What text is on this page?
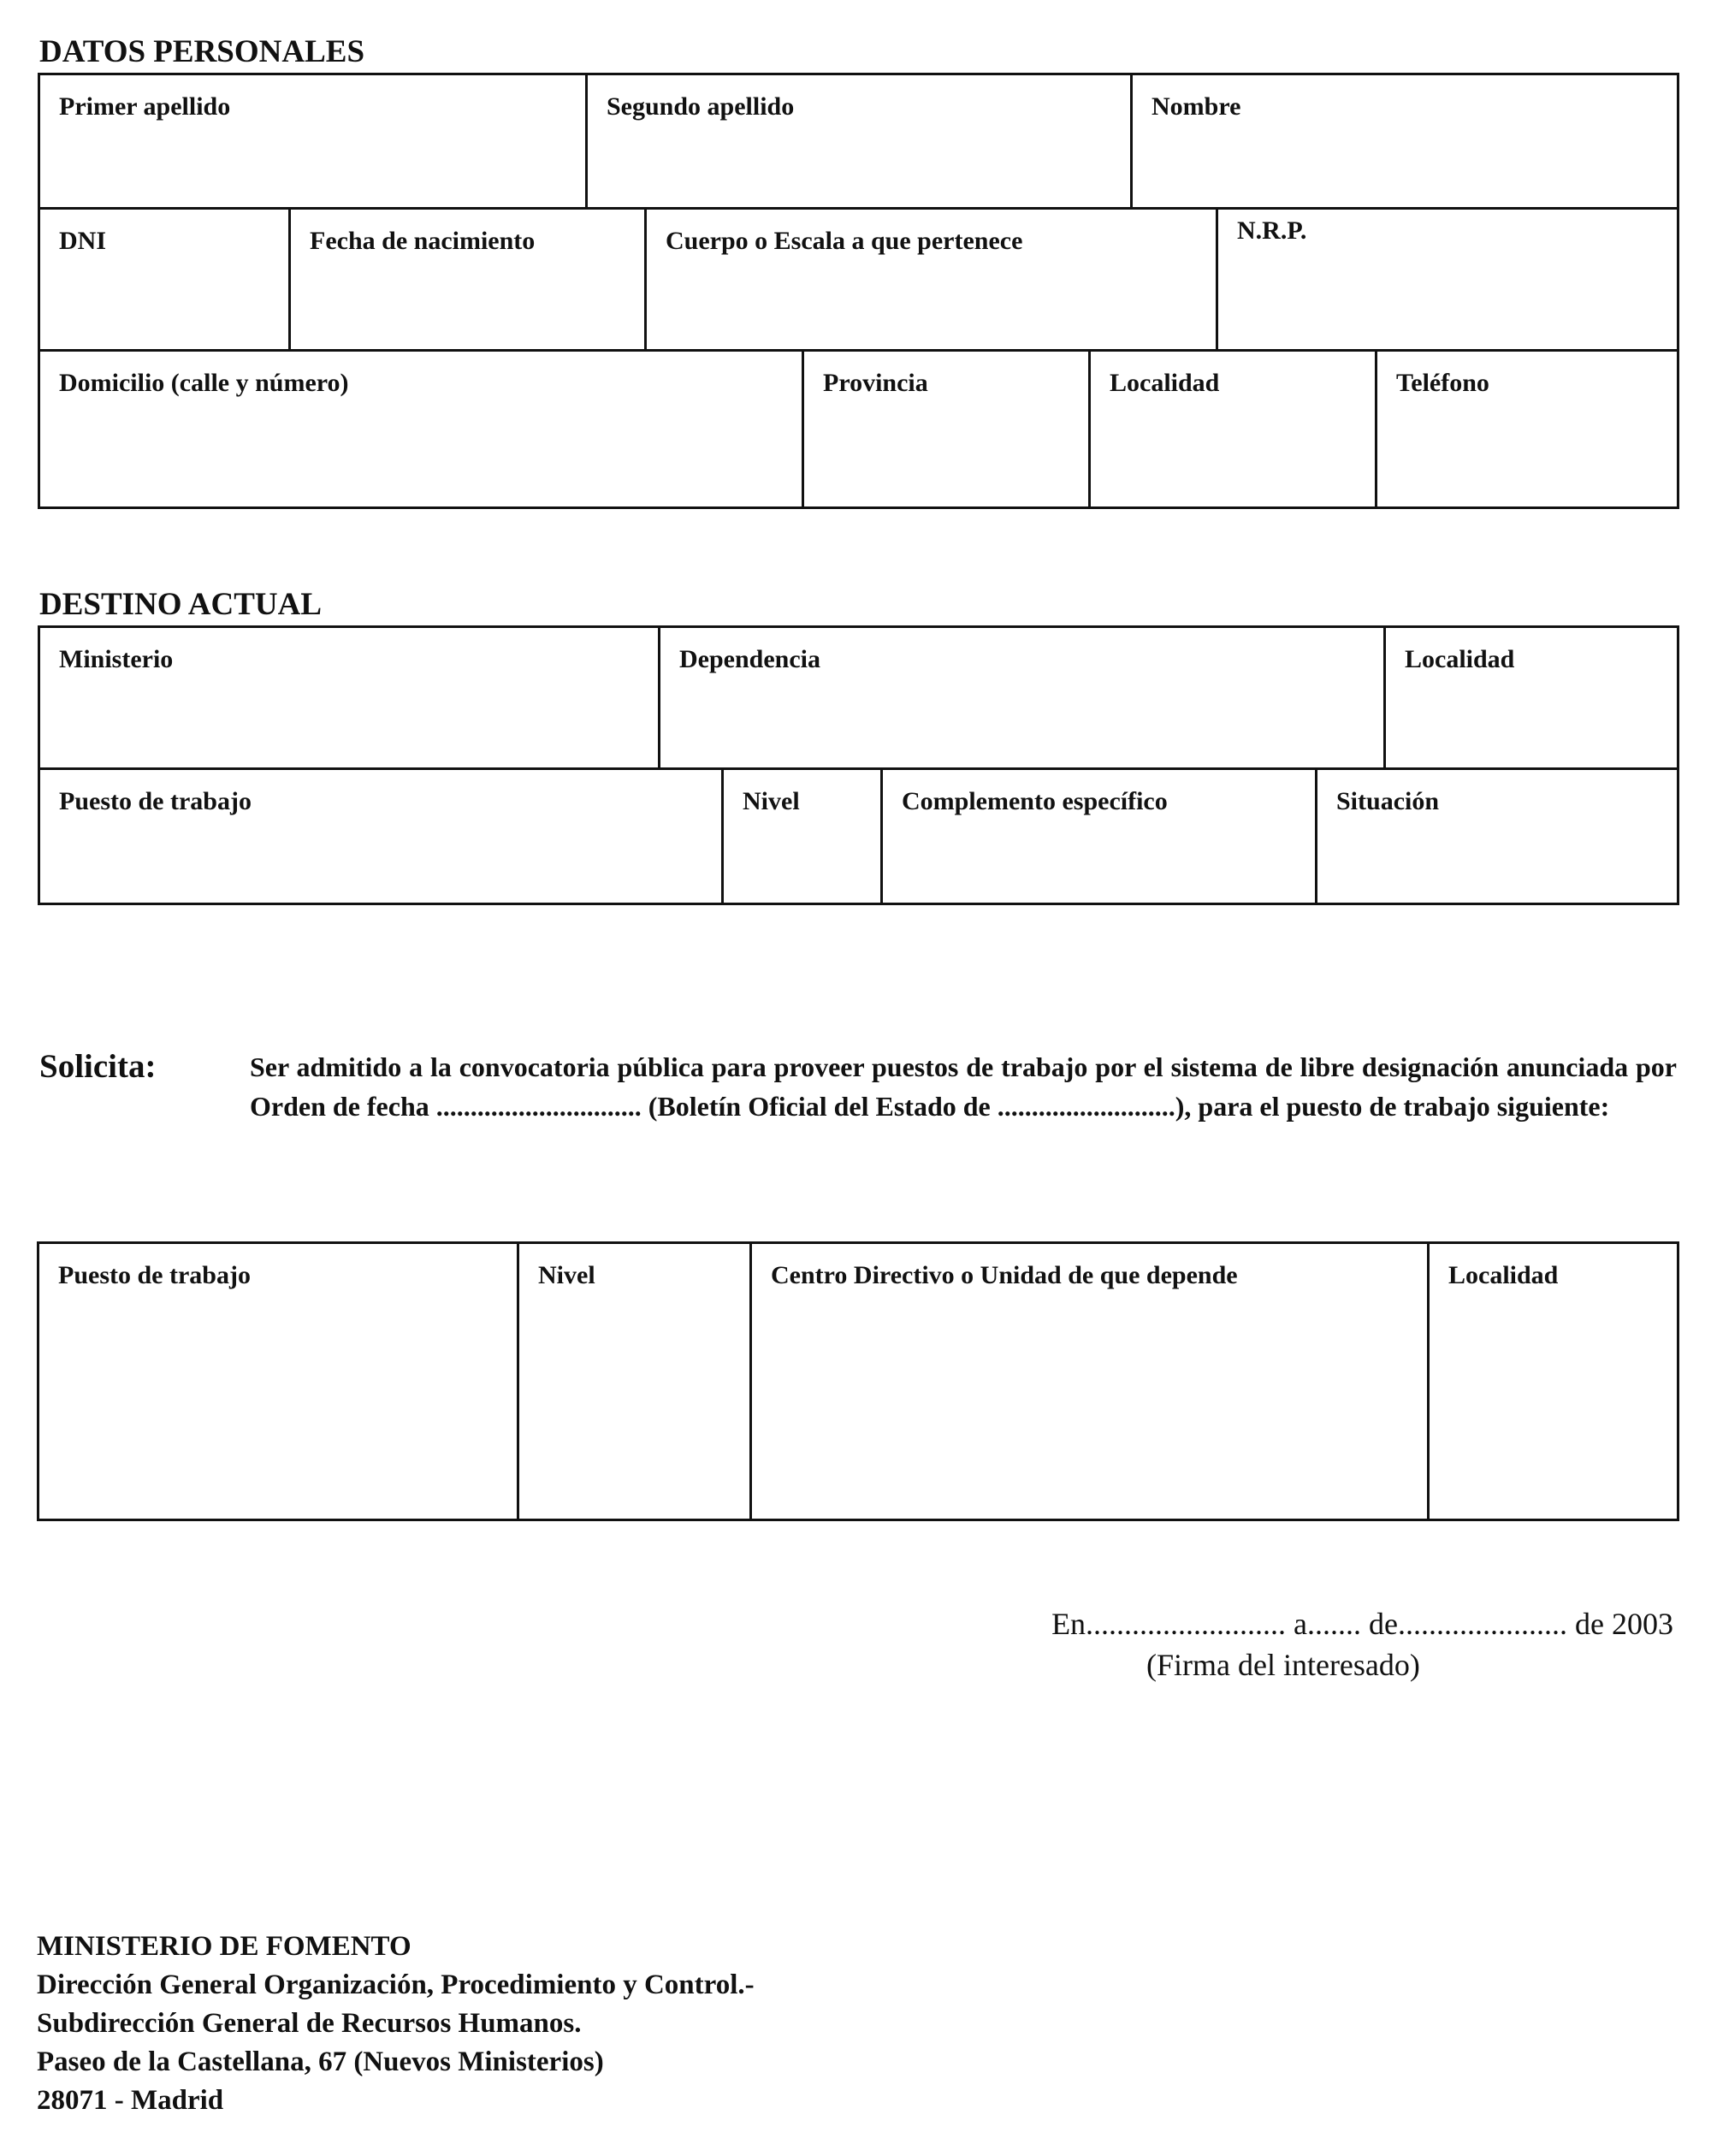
DATOS PERSONALES
Primer apellido	Segundo apellido	Nombre
DNI	Fecha de nacimiento	Cuerpo o Escala a que pertenece	N.R.P.
Domicilio (calle y número)	Provincia	Localidad	Teléfono
DESTINO ACTUAL
Ministerio	Dependencia	Localidad
Puesto de trabajo	Nivel	Complemento específico	Situación
Solicita:	Ser admitido a la convocatoria pública para proveer puestos de trabajo por el sistema de libre designación anunciada por Orden de fecha .............................. (Boletín Oficial del Estado de ..........................), para el puesto de trabajo siguiente:
Puesto de trabajo	Nivel	Centro Directivo o Unidad de que depende	Localidad
En.......................... a....... de...................... de 2003
(Firma del interesado)
MINISTERIO DE FOMENTO
Dirección General Organización, Procedimiento y Control.-
Subdirección General de Recursos Humanos.
Paseo de la Castellana, 67 (Nuevos Ministerios)
28071 - Madrid
